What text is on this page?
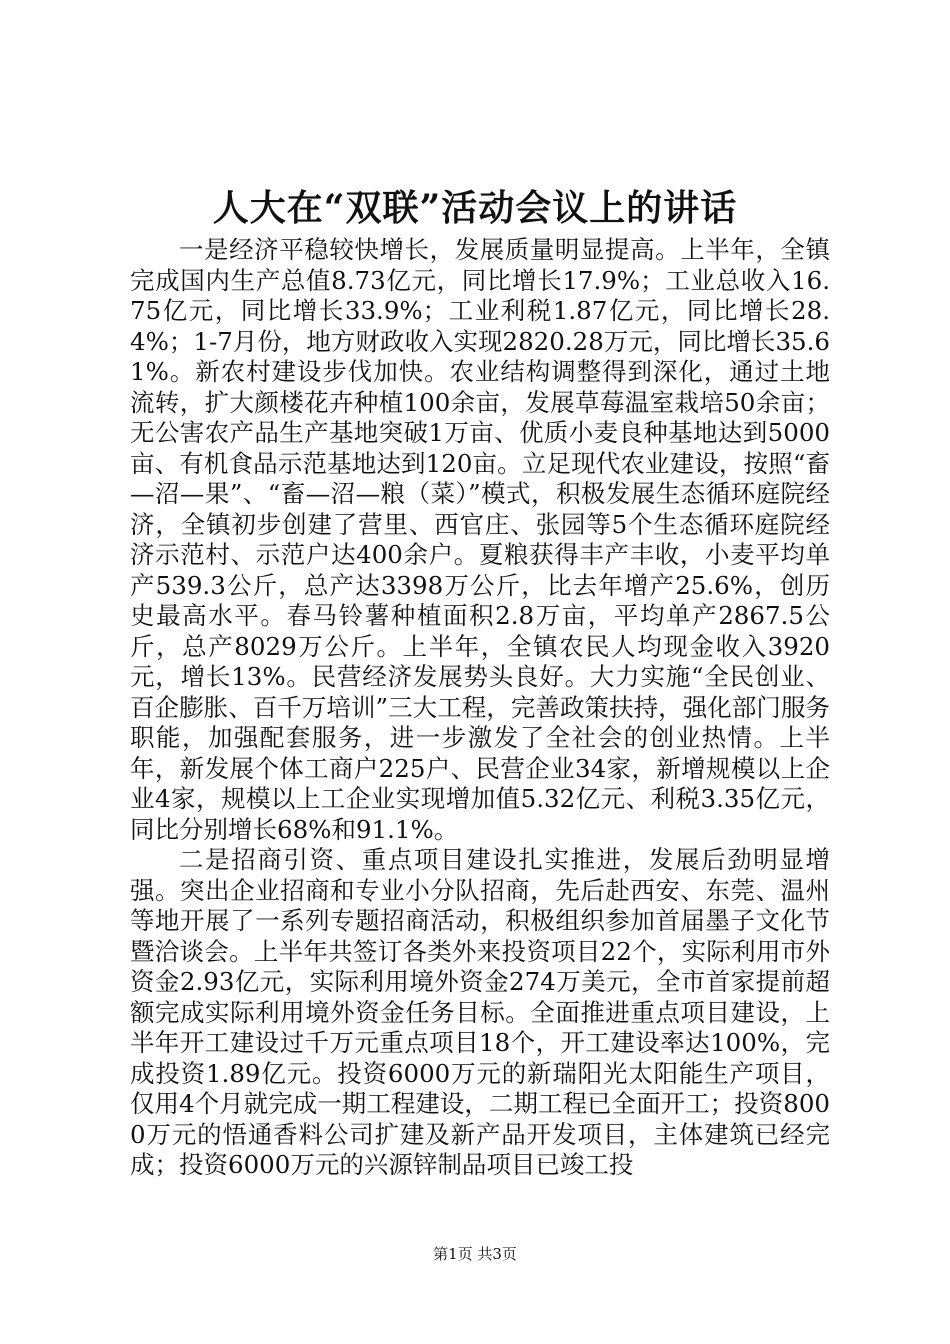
人大在“双联”活动会议上的讲话

一是经济平稳较快增长，发展质量明显提高。上半年，全镇完成国内生产总值8.73亿元，同比增长17.9%；工业总收入16.75亿元，同比增长33.9%；工业利税1.87亿元，同比增长28.4%；1-7月份，地方财政收入实现2820.28万元，同比增长35.61%。新农村建设步伐加快。农业结构调整得到深化，通过土地流转，扩大颜楼花卉种植100余亩，发展草莓温室栽培50余亩；无公害农产品生产基地突破1万亩、优质小麦良种基地达到5000亩、有机食品示范基地达到120亩。立足现代农业建设，按照“畜—沼—果”、“畜—沼—粮（菜）”模式，积极发展生态循环庭院经济，全镇初步创建了营里、西官庄、张园等5个生态循环庭院经济示范村、示范户达400余户。夏粮获得丰产丰收，小麦平均单产539.3公斤，总产达3398万公斤，比去年增产25.6%，创历史最高水平。春马铃薯种植面积2.8万亩，平均单产2867.5公斤，总产8029万公斤。上半年，全镇农民人均现金收入3920元，增长13%。民营经济发展势头良好。大力实施“全民创业、百企膨胀、百千万培训”三大工程，完善政策扶持，强化部门服务职能，加强配套服务，进一步激发了全社会的创业热情。上半年，新发展个体工商户225户、民营企业34家，新增规模以上企业4家，规模以上工企业实现增加值5.32亿元、利税3.35亿元，同比分别增长68%和91.1%。

二是招商引资、重点项目建设扎实推进，发展后劲明显增强。突出企业招商和专业小分队招商，先后赴西安、东莞、温州等地开展了一系列专题招商活动，积极组织参加首届墨子文化节暨洽谈会。上半年共签订各类外来投资项目22个，实际利用市外资金2.93亿元，实际利用境外资金274万美元，全市首家提前超额完成实际利用境外资金任务目标。全面推进重点项目建设，上半年开工建设过千万元重点项目18个，开工建设率达100%，完成投资1.89亿元。投资6000万元的新瑞阳光太阳能生产项目，仅用4个月就完成一期工程建设，二期工程已全面开工；投资8000万元的悟通香料公司扩建及新产品开发项目，主体建筑已经完成；投资6000万元的兴源锌制品项目已竣工投

第1页 共3页
